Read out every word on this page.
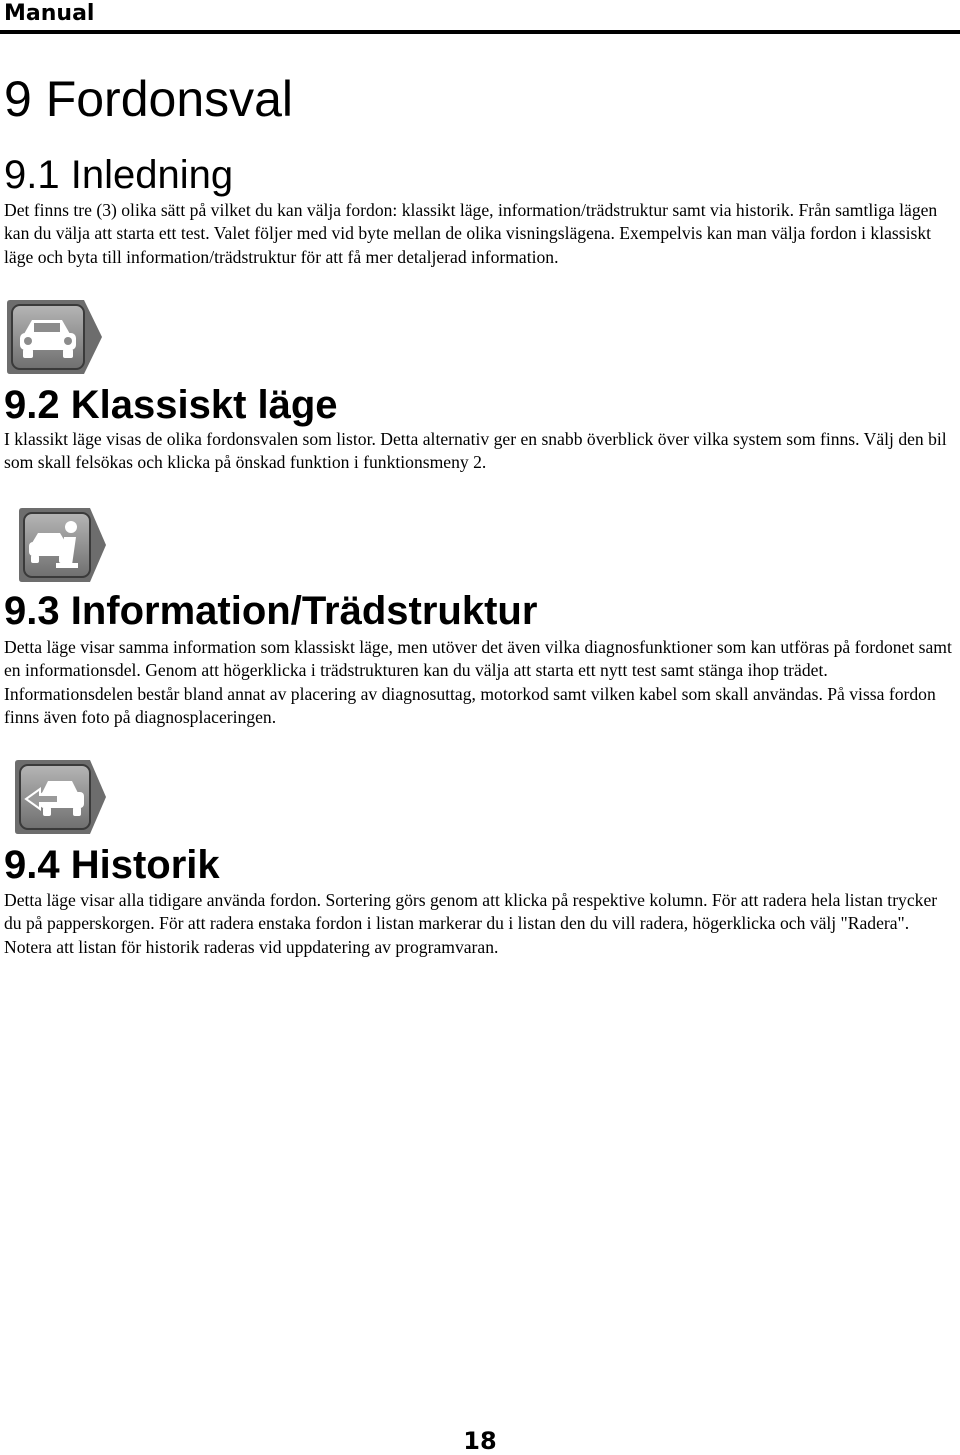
Manual
9 Fordonsval
9.1 Inledning

Det finns tre (3) olika sätt på vilket du kan välja fordon: klassikt läge, information/trädstruktur samt via historik. Från samtliga lägen kan du välja att starta ett test. Valet följer med vid byte mellan de olika visningslägena. Exempelvis kan man välja fordon i klassiskt läge och byta till information/trädstruktur för att få mer detaljerad information.

9.2 Klassiskt läge

I klassikt läge visas de olika fordonsvalen som listor. Detta alternativ ger en snabb överblick över vilka system som finns. Välj den bil som skall felsökas och klicka på önskad funktion i funktionsmeny 2.

9.3 Information/Trädstruktur

Detta läge visar samma information som klassiskt läge, men utöver det även vilka diagnosfunktioner som kan utföras på fordonet samt en informationsdel. Genom att högerklicka i trädstrukturen kan du välja att starta ett nytt test samt stänga ihop trädet. Informationsdelen består bland annat av placering av diagnosuttag, motorkod samt vilken kabel som skall användas. På vissa fordon finns även foto på diagnosplaceringen.

9.4 Historik

Detta läge visar alla tidigare använda fordon. Sortering görs genom att klicka på respektive kolumn. För att radera hela listan trycker du på papperskorgen. För att radera enstaka fordon i listan markerar du i listan den du vill radera, högerklicka och välj "Radera". Notera att listan för historik raderas vid uppdatering av programvaran.

18
